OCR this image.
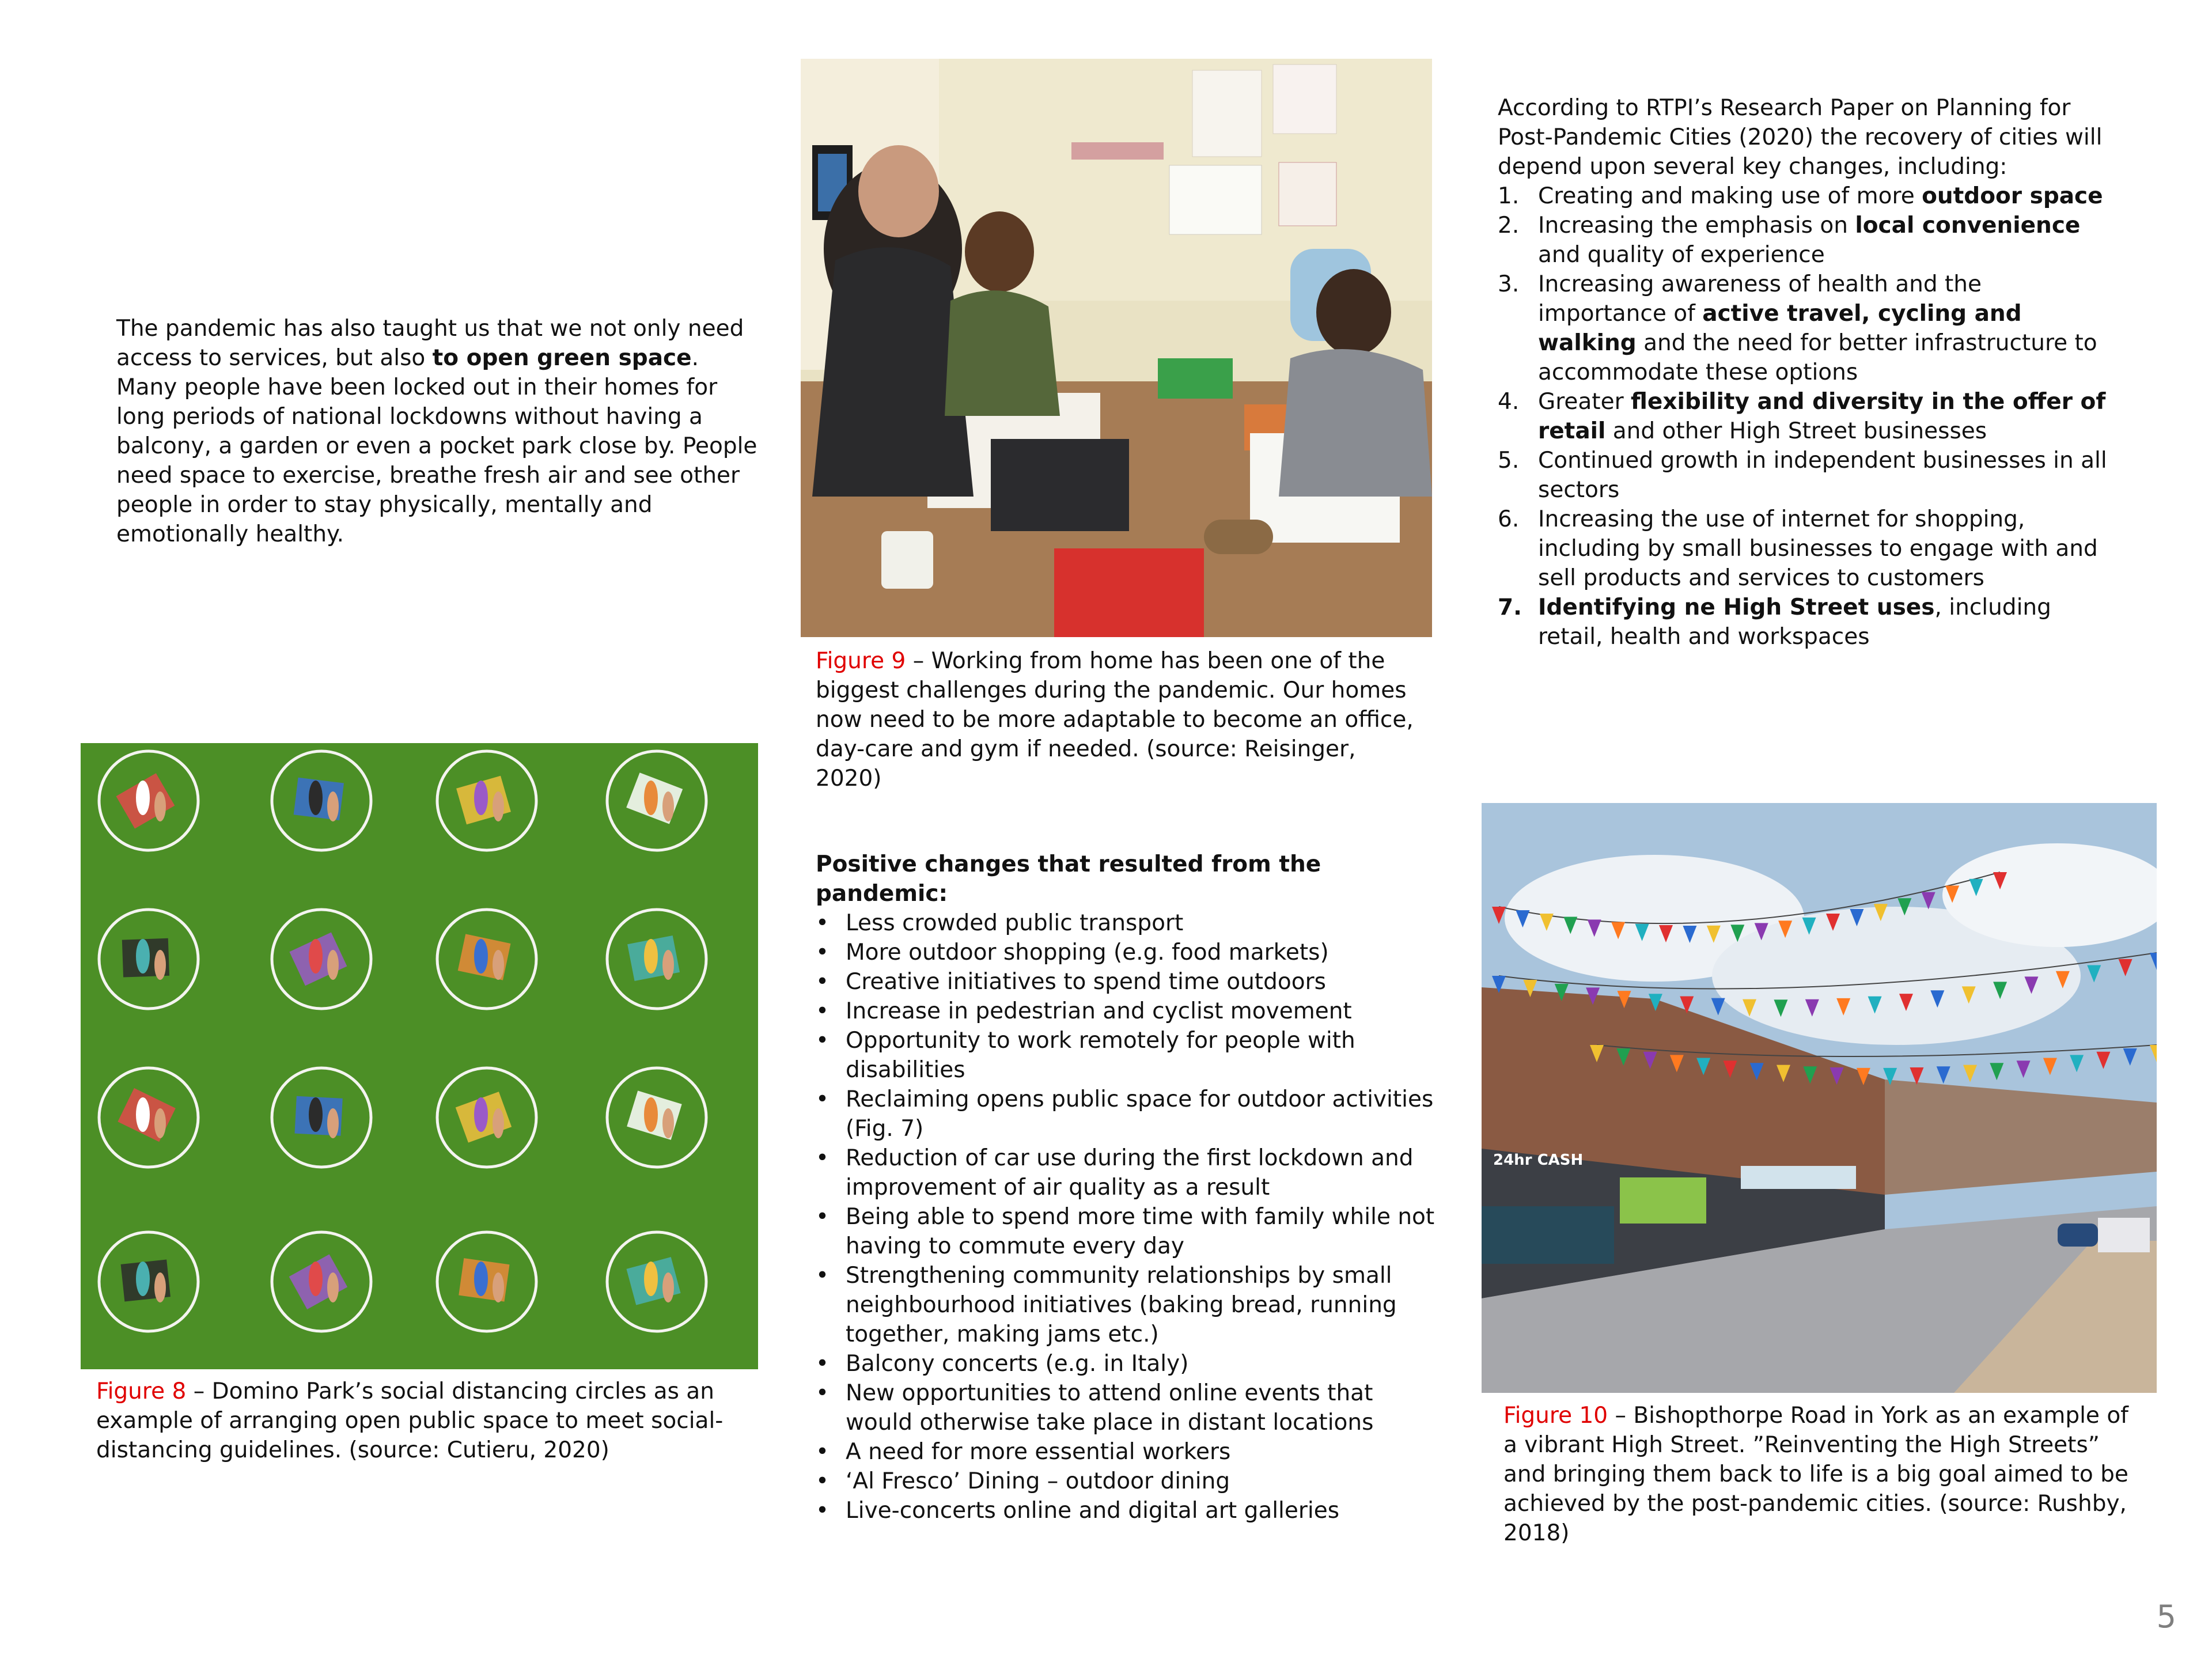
The pandemic has also taught us that we not only need access to services, but also to open green space. Many people have been locked out in their homes for long periods of national lockdowns without having a balcony, a garden or even a pocket park close by. People need space to exercise, breathe fresh air and see other people in order to stay physically, mentally and emotionally healthy.
Figure 9 – Working from home has been one of the biggest challenges during the pandemic. Our homes now need to be more adaptable to become an office, day-care and gym if needed. (source: Reisinger, 2020)
According to RTPI’s Research Paper on Planning for Post-Pandemic Cities (2020) the recovery of cities will depend upon several key changes, including:
1. Creating and making use of more outdoor space
2. Increasing the emphasis on local convenience and quality of experience
3. Increasing awareness of health and the importance of active travel, cycling and walking and the need for better infrastructure to accommodate these options
4. Greater flexibility and diversity in the offer of retail and other High Street businesses
5. Continued growth in independent businesses in all sectors
6. Increasing the use of internet for shopping, including by small businesses to engage with and sell products and services to customers
7. Identifying ne High Street uses, including retail, health and workspaces
Figure 8 – Domino Park’s social distancing circles as an example of arranging open public space to meet social-distancing guidelines. (source: Cutieru, 2020)
Positive changes that resulted from the pandemic:
• Less crowded public transport
• More outdoor shopping (e.g. food markets)
• Creative initiatives to spend time outdoors
• Increase in pedestrian and cyclist movement
• Opportunity to work remotely for people with disabilities
• Reclaiming opens public space for outdoor activities (Fig. 7)
• Reduction of car use during the first lockdown and improvement of air quality as a result
• Being able to spend more time with family while not having to commute every day
• Strengthening community relationships by small neighbourhood initiatives (baking bread, running together, making jams etc.)
• Balcony concerts (e.g. in Italy)
• New opportunities to attend online events that would otherwise take place in distant locations
• A need for more essential workers
• ‘Al Fresco’ Dining – outdoor dining
• Live-concerts online and digital art galleries
24hr CASH
Figure 10 – Bishopthorpe Road in York as an example of a vibrant High Street. ”Reinventing the High Streets” and bringing them back to life is a big goal aimed to be achieved by the post-pandemic cities. (source: Rushby, 2018)
5
